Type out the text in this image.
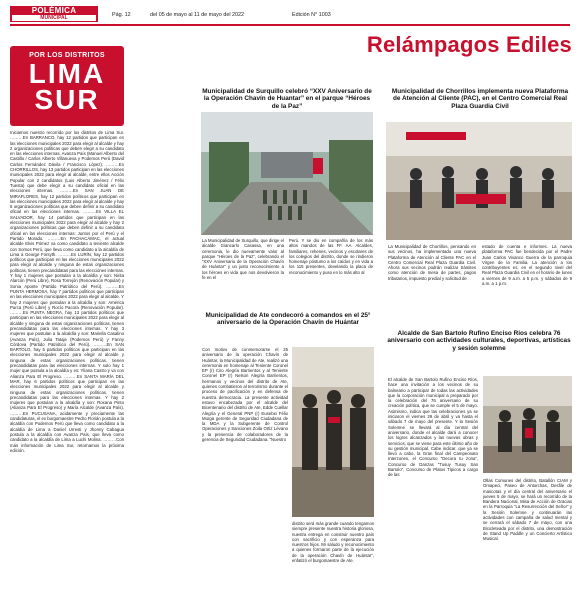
POLÉMICA
MUNICIPAL	Pág. 12	del 05 de mayo al 11 de mayo del 2022	Edición N° 1003
Relámpagos Ediles
POR LOS DISTRITOS
LIMA SUR
Iniciamos nuestro recorrido por los distritos de Lima Sur. ………En BARRANCO, hay 12 partidos que participan en las elecciones municipales 2022 para elegir al alcalde y hay 2 organizaciones políticas que deben elegir a su candidato en las elecciones internas. Avanza País (Manuel Alberto del Castillo / Carlos Alberto Villanueva y Podemos Perú (David Carlos Fernández Dávila / Francisco López). ………En CHORRILLOS, hay 13 partidos participan en las elecciones municipales 2022 para elegir al alcalde, entre ellos Acción Popular con 2 candidatos (Luis Alberto Jiménez / Félix Tuesta) que debe elegir a su candidato oficial en las elecciones internas. ………En SAN JUAN DE MIRAFLORES, hay 12 partidos políticos que participan en las elecciones municipales 2022 para elegir al alcalde y hay 5 organizaciones políticas que deben definir a su candidato oficial en las elecciones internas. ………En VILLA EL SALVADOR, hay 14 partidos que participan en las elecciones municipales 2022 para elegir al alcalde y hay 2 organizaciones políticas que deben definir a su candidato oficial en las elecciones internas: Juntos por el Perú y el Partido Morado. ………En PACHACÁMAC, el actual alcalde Elvis Pómez va como candidato a teniente alcalde con Somos Perú, que lleva como candidato a la alcaldía de Lima a George Forsyth. ………En LURÍN, hay 12 partidos políticos que participan en las elecciones municipales 2022 para elegir al alcalde y ninguna de estas organizaciones políticas, tienen precandidatas para las elecciones internas. Y hay 1 mujeres que postulan a la alcaldía y son: Nirita Alarcón (Perú Libre), Rosa Torrejón (Renovación Popular) y Sonia Aponte (Partido Patriótico del Perú). ………En PUNTA HERMOSA, hay 7 partidos políticos que participan en las elecciones municipales 2022 para elegir al alcalde. Y hay 2 mujeres que postulan a la alcaldía y son: América Purca (Perú Libre) y Rocío Pacora (Renovación Popular). ………En PUNTA NEGRA, hay 13 partidos políticos que participan en las elecciones municipales 2022 para elegir al alcalde y ninguna de estas organizaciones políticas, tienen precandidatas para las elecciones internas. Y hay 3 mujeres que postulan a la alcaldía y son: Mariella Casalino (Avanza País), Julia Tataje (Podemos Perú) y Fanny Córdova (Partido Patriótico del Perú). ………En SAN BARTOLO, hay 5 partidos políticos que participan en las elecciones municipales 2022 para elegir al alcalde y ninguna de estas organizaciones políticas, tienen precandidatas para las elecciones internas. Y solo hay 1 mujer que postula a la alcaldía y es: Yliana Castro y va con Alianza Para El Progreso. ………En SANTA MARÍA DEL MAR, hay 6 partidos políticos que participan en las elecciones municipales 2022 para elegir al alcalde y ninguna de estas organizaciones políticas, tienen precandidatas para las elecciones internas. Y hay 2 mujeres que postulan a la alcaldía y son: Roxana Pinto (Alianza Para El Progreso) y María Alcalde (Avanza País). ………En PUCUSANA, acidamente y preciamente las candidaturas, el ex burgomaestre Pedro Florián postula a la alcaldía con Podemos Perú que lleva como candidato a la alcaldía de Lima a Daniel Urresti y Jhonny Cabagua postula a la alcaldía con Avanza País, que lleva como candidato a la alcaldía de Lima a Luchi Molina. ………Con más información de Lima Sur, retornamos la próxima edición.
Municipalidad de Surquillo celebró “XXV Aniversario de la Operación Chavín de Huantar” en el parque “Héroes de la Paz”
La Municipalidad de Surquillo, que dirige el alcalde Giancarlo Casassa, en una ceremonia, le dio nuevamente valor al parque “Héroes de la Paz”, celebrando el “XXV Aniversario de la Operación Chavín de Huántar” y un justo reconocimiento a los héroes en vida que nos devolvieron la fe en el
Perú. Y se dio en compañía de los más altos mandos de las FF. AA. Alcaldes, familiares, rehenes, vecinos y escolares de los colegios del distrito, donde se rindieron homenaje póstumo a los caídos y en vida a los 115 presentes, develando la placa de reconocimiento y puso en lo más alto al
Municipalidad de Chorrillos implementa nueva Plataforma de Atención al Cliente (PAC), en el Centro Comercial Real Plaza Guardia Civil
La Municipalidad de Chorrillos, pensando en sus vecinos, ha implementado una nueva Plataforma de Atención al Cliente PAC en el Centro Comercial Real Plaza Guardia Civil. Ahora sus vecinos podrán realizar trámites como atención de mesa de partes, pagos tributarios, impuesto predial y solicitud de
estado de cuenta e informes. La nueva plataforma PAC fue bendecida por el Padre Juan Carlos Vivanco Guerra de la parroquia Virgen de la Familia. La atención a los contribuyentes es, en el segundo nivel del Real Plaza Guardia Civil en el horario de lunes a viernes de 9 a.m. a 5 p.m. y sábados de 9 a.m. a 1 p.m.
Municipalidad de Ate condecoró a comandos en el 25° aniversario de la Operación Chavín de Huántar
Con motivo de conmemorarse el 25 aniversario de la operación Chavín de Huántar, la Municipalidad de Ate, realizó una ceremonia en homenaje al Teniente Coronel EP (r) Ciro Alegría Barrientos y al Teniente Coronel EP (r) Nelson Alegría Barrientos, hermanos y vecinos del distrito de Ate, quienes combatieron al terrorismo durante el proceso de pacificación y en defensa de nuestra democracia. La presente actividad estuvo encabezada por el alcalde del Bicentenario del distrito de Ate, Edde Cuellar Alegría y el General PNP (r) Eusebio Félix Murga gerente de Seguridad Ciudadana de la MDA y la Subgerente de Control Operaciones y Sanciones Zoila Ortiz Lévano y la presencia de colaboradores de la gerencia de Seguridad Ciudadana. “Nuestro
distrito será más grande cuando tengamos siempre presente nuestra historia gloriosa, nuestra entrega en construir nuestro país con sacrificio y con esperanza para nuestros hijos. Mi saludo y reconocimiento a quienes formaron parte de la ejecución de la operación Chavín de Huántar”, enfatizó el burgomaestre de Ate.
Alcalde de San Bartolo Rufino Enciso Ríos celebra 76 aniversario con actividades culturales, deportivas, artísticas y sesión solemne
El alcalde de San Bartolo Rufino Enciso Ríos, hace una invitación a los vecinos de su balneario a participar de todas las actividades que la corporación municipal a preparado por la celebración del 76 aniversario de su creación política, que se cumple el 5 de mayo. Asimismo, indica que las celebraciones ya se iniciaron el viernes 29 de abril y va hasta el sábado 7 de mayo del presente. Y la Sesión Solemne se llevará al día central del aniversario, donde el alcalde dará a conocer los logros alcanzados y las nuevas obras y servicios, que se viene para este último año de su gestión municipal. Cabe indicar, que ya se llevó a cabo, la Gran final del Campeonato Interzones, el Concurso “Decora tu zona”, Concurso de Danzas “Tusuy Tusuy San Bartolo”, Concurso de Platos Típicos a cargo de las
Ollas Comunes del distrito, Batallón CIAM y Omapeci, Paseo de Antorchas, Desfile de mascotas y el día central del aniversario el jueves 5 de mayo, se hará un recorrido de la Bandera Nacional, Misa de Acción de Gracias en la Parroquia “La Resurrección del Señor” y la Sesión Solemne y continuarán las actividades con campaña de salud mental y se cerrará el sábado 7 de mayo, con una Bicicleteada por el distrito, una demostración de Stand Up Paddle y un Concierto Artístico Musical.
